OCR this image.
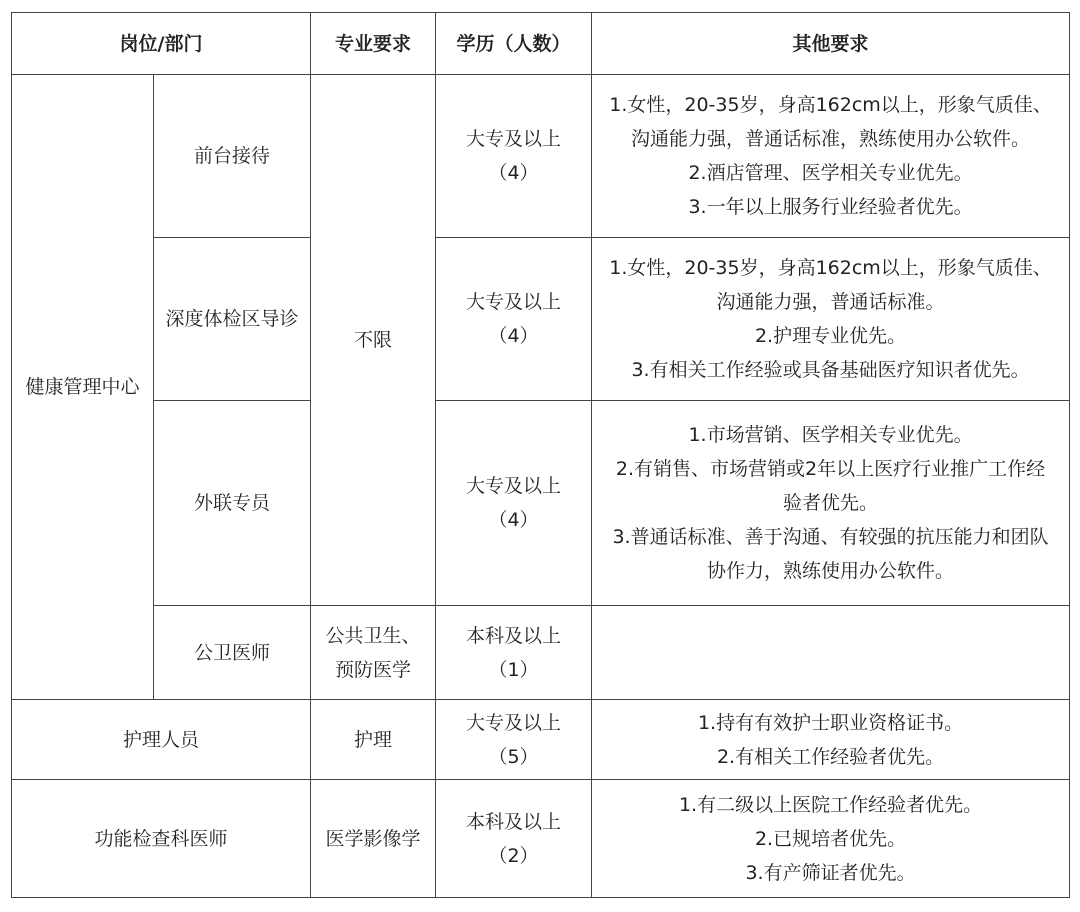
岗位/部门		专业要求	学历（人数）	其他要求
健康管理中心	前台接待	不限	大专及以上
（4）	1.女性，20-35岁，身高162cm以上，形象气质佳、
沟通能力强，普通话标准，熟练使用办公软件。
2.酒店管理、医学相关专业优先。
3.一年以上服务行业经验者优先。

	深度体检区导诊		大专及以上
（4）	1.女性，20-35岁，身高162cm以上，形象气质佳、
沟通能力强，普通话标准。
2.护理专业优先。
3.有相关工作经验或具备基础医疗知识者优先。

	外联专员		大专及以上
（4）	1.市场营销、医学相关专业优先。
2.有销售、市场营销或2年以上医疗行业推广工作经
验者优先。
3.普通话标准、善于沟通、有较强的抗压能力和团队
协作力，熟练使用办公软件。

	公卫医师	公共卫生、
预防医学	本科及以上
（1）	

护理人员		护理	大专及以上
（5）	1.持有有效护士职业资格证书。
2.有相关工作经验者优先。

功能检查科医师		医学影像学	本科及以上
（2）	1.有二级以上医院工作经验者优先。
2.已规培者优先。
3.有产筛证者优先。
